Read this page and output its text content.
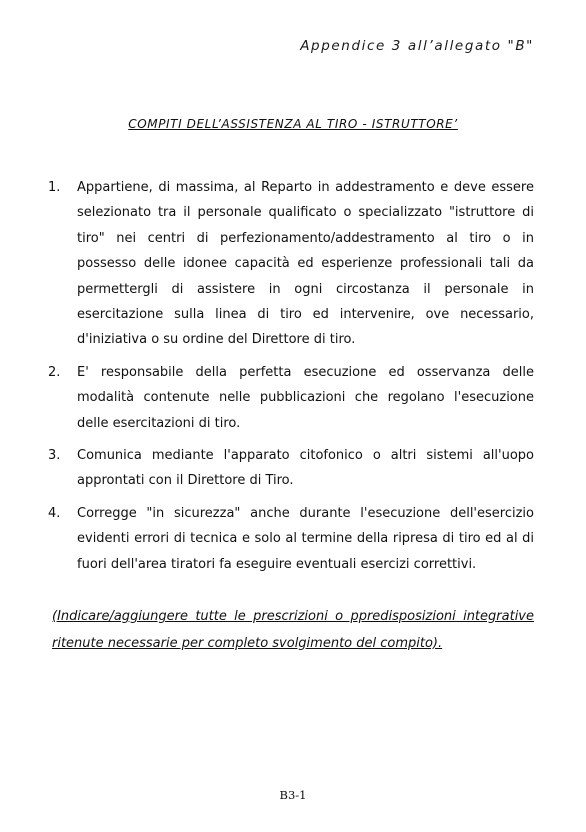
Appendice 3 all’allegato "B"
COMPITI DELL’ASSISTENZA AL TIRO - ISTRUTTORE’
1.	Appartiene, di massima, al Reparto in addestramento e deve essere selezionato tra il personale qualificato o specializzato "istruttore di tiro" nei centri di perfezionamento/addestramento al tiro o in possesso delle idonee capacità ed esperienze professionali tali da permettergli di assistere in ogni circostanza il personale in esercitazione sulla linea di tiro ed intervenire, ove necessario, d'iniziativa o su ordine del Direttore di tiro.
2.	E' responsabile della perfetta esecuzione ed osservanza delle modalità contenute nelle pubblicazioni che regolano l'esecuzione delle esercitazioni di tiro.
3.	Comunica mediante l'apparato citofonico o altri sistemi all'uopo approntati con il Direttore di Tiro.
4.	Corregge "in sicurezza" anche durante l'esecuzione dell'esercizio evidenti errori di tecnica e solo al termine della ripresa di tiro ed al di fuori dell'area tiratori fa eseguire eventuali esercizi correttivi.

(Indicare/aggiungere tutte le prescrizioni o ppredisposizioni integrative ritenute necessarie per completo svolgimento del compito).

B3-1
